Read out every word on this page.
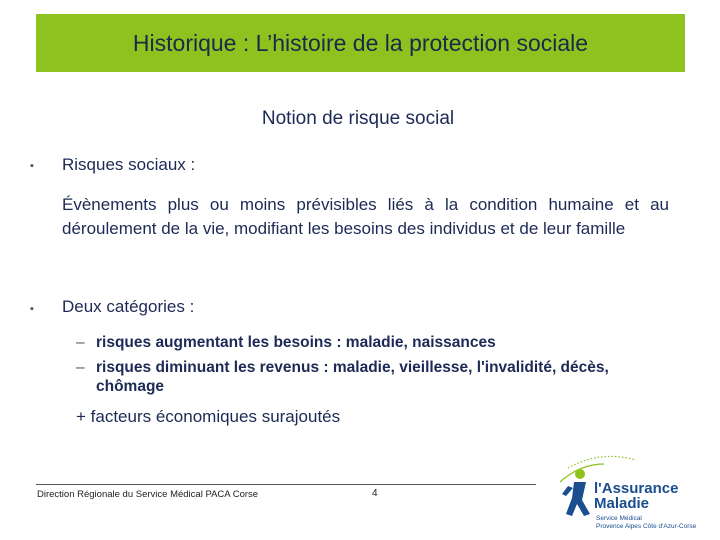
Historique : L’histoire de la protection sociale
Notion de risque social
▪ Risques sociaux :
Évènements plus ou moins prévisibles liés à la condition humaine et au déroulement de la vie, modifiant les besoins des individus et de leur famille
▪ Deux catégories :
– risques augmentant les besoins : maladie, naissances
– risques diminuant les revenus : maladie, vieillesse, l'invalidité, décès, chômage
+ facteurs économiques surajoutés
Direction Régionale du Service Médical PACA Corse	4	l'Assurance
Maladie
Service Médical
Provence Alpes Côte d'Azur-Corse
